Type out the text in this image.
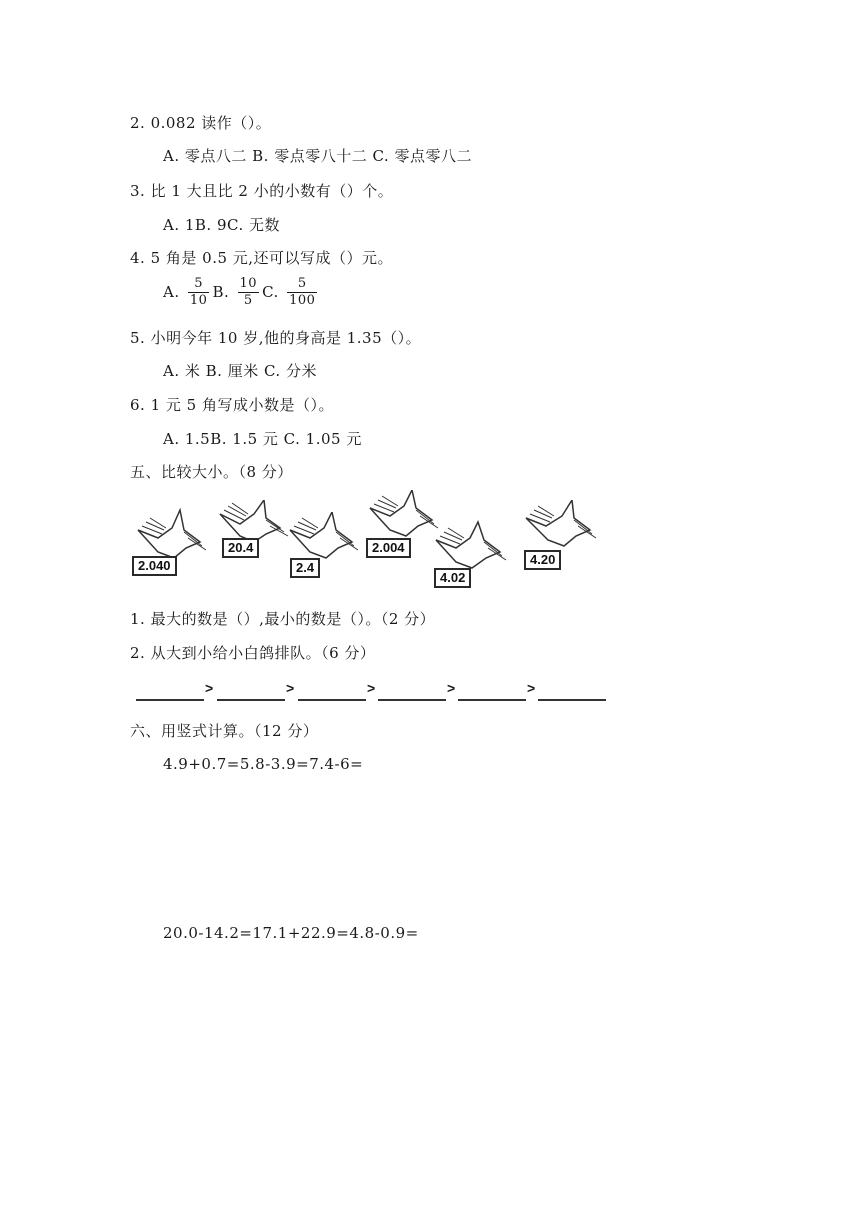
2. 0.082 读作（）。
A. 零点八二 B. 零点零八十二 C. 零点零八二
3. 比 1 大且比 2 小的小数有（）个。
A. 1B. 9C. 无数
4. 5 角是 0.5 元,还可以写成（）元。
A. $\frac{5}{10} B$. $\frac{10}{5} C$. $\frac{5}{100}$
5. 小明今年 10 岁,他的身高是 1.35（）。
A. 米 B. 厘米 C. 分米
6. 1 元 5 角写成小数是（）。
A. 1.5B. 1.5 元 C. 1.05 元
五、比较大小。（8 分）
2.040
20.4
2.4
2.004
4.02
4.20
1. 最大的数是（）,最小的数是（）。（2 分）
2. 从大到小给小白鸽排队。（6 分）
>	>	>	>	>
六、用竖式计算。（12 分）
4.9+0.7=5.8-3.9=7.4-6=
20.0-14.2=17.1+22.9=4.8-0.9=
